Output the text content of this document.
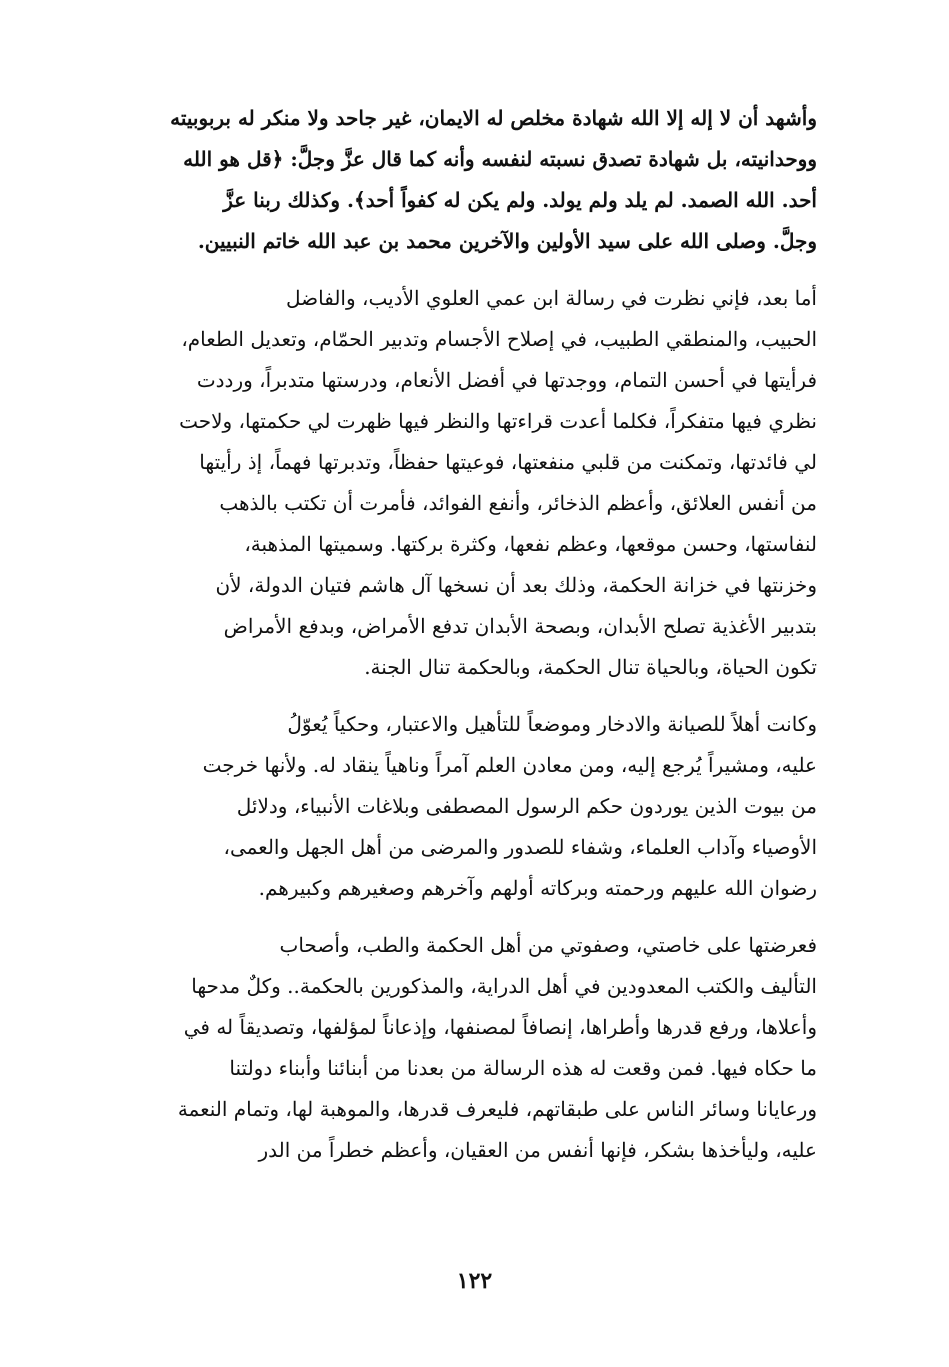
وأشهد أن لا إله إلا الله شهادة مخلص له الايمان، غير جاحد ولا منكر له بربوبيته
ووحدانيته، بل شهادة تصدق نسبته لنفسه وأنه كما قال عزَّ وجلَّ: ﴿قل هو الله
أحد. الله الصمد. لم يلد ولم يولد. ولم يكن له كفواً أحد﴾. وكذلك ربنا عزَّ
وجلَّ. وصلى الله على سيد الأولين والآخرين محمد بن عبد الله خاتم النبيين.

أما بعد، فإني نظرت في رسالة ابن عمي العلوي الأديب، والفاضل
الحبيب، والمنطقي الطبيب، في إصلاح الأجسام وتدبير الحمّام، وتعديل الطعام،
فرأيتها في أحسن التمام، ووجدتها في أفضل الأنعام، ودرستها متدبراً، ورددت
نظري فيها متفكراً، فكلما أعدت قراءتها والنظر فيها ظهرت لي حكمتها، ولاحت
لي فائدتها، وتمكنت من قلبي منفعتها، فوعيتها حفظاً، وتدبرتها فهماً، إذ رأيتها
من أنفس العلائق، وأعظم الذخائر، وأنفع الفوائد، فأمرت أن تكتب بالذهب
لنفاستها، وحسن موقعها، وعظم نفعها، وكثرة بركتها. وسميتها المذهبة،
وخزنتها في خزانة الحكمة، وذلك بعد أن نسخها آل هاشم فتيان الدولة، لأن
بتدبير الأغذية تصلح الأبدان، وبصحة الأبدان تدفع الأمراض، وبدفع الأمراض
تكون الحياة، وبالحياة تنال الحكمة، وبالحكمة تنال الجنة.

وكانت أهلاً للصيانة والادخار وموضعاً للتأهيل والاعتبار، وحكياً يُعوّلُ
عليه، ومشيراً يُرجع إليه، ومن معادن العلم آمراً وناهياً ينقاد له. ولأنها خرجت
من بيوت الذين يوردون حكم الرسول المصطفى وبلاغات الأنبياء، ودلائل
الأوصياء وآداب العلماء، وشفاء للصدور والمرضى من أهل الجهل والعمى،
رضوان الله عليهم ورحمته وبركاته أولهم وآخرهم وصغيرهم وكبيرهم.

فعرضتها على خاصتي، وصفوتي من أهل الحكمة والطب، وأصحاب
التأليف والكتب المعدودين في أهل الدراية، والمذكورين بالحكمة.. وكلٌ مدحها
وأعلاها، ورفع قدرها وأطراها، إنصافاً لمصنفها، وإذعاناً لمؤلفها، وتصديقاً له في
ما حكاه فيها. فمن وقعت له هذه الرسالة من بعدنا من أبنائنا وأبناء دولتنا
ورعايانا وسائر الناس على طبقاتهم، فليعرف قدرها، والموهبة لها، وتمام النعمة
عليه، وليأخذها بشكر، فإنها أنفس من العقيان، وأعظم خطراً من الدر

١٢٢
